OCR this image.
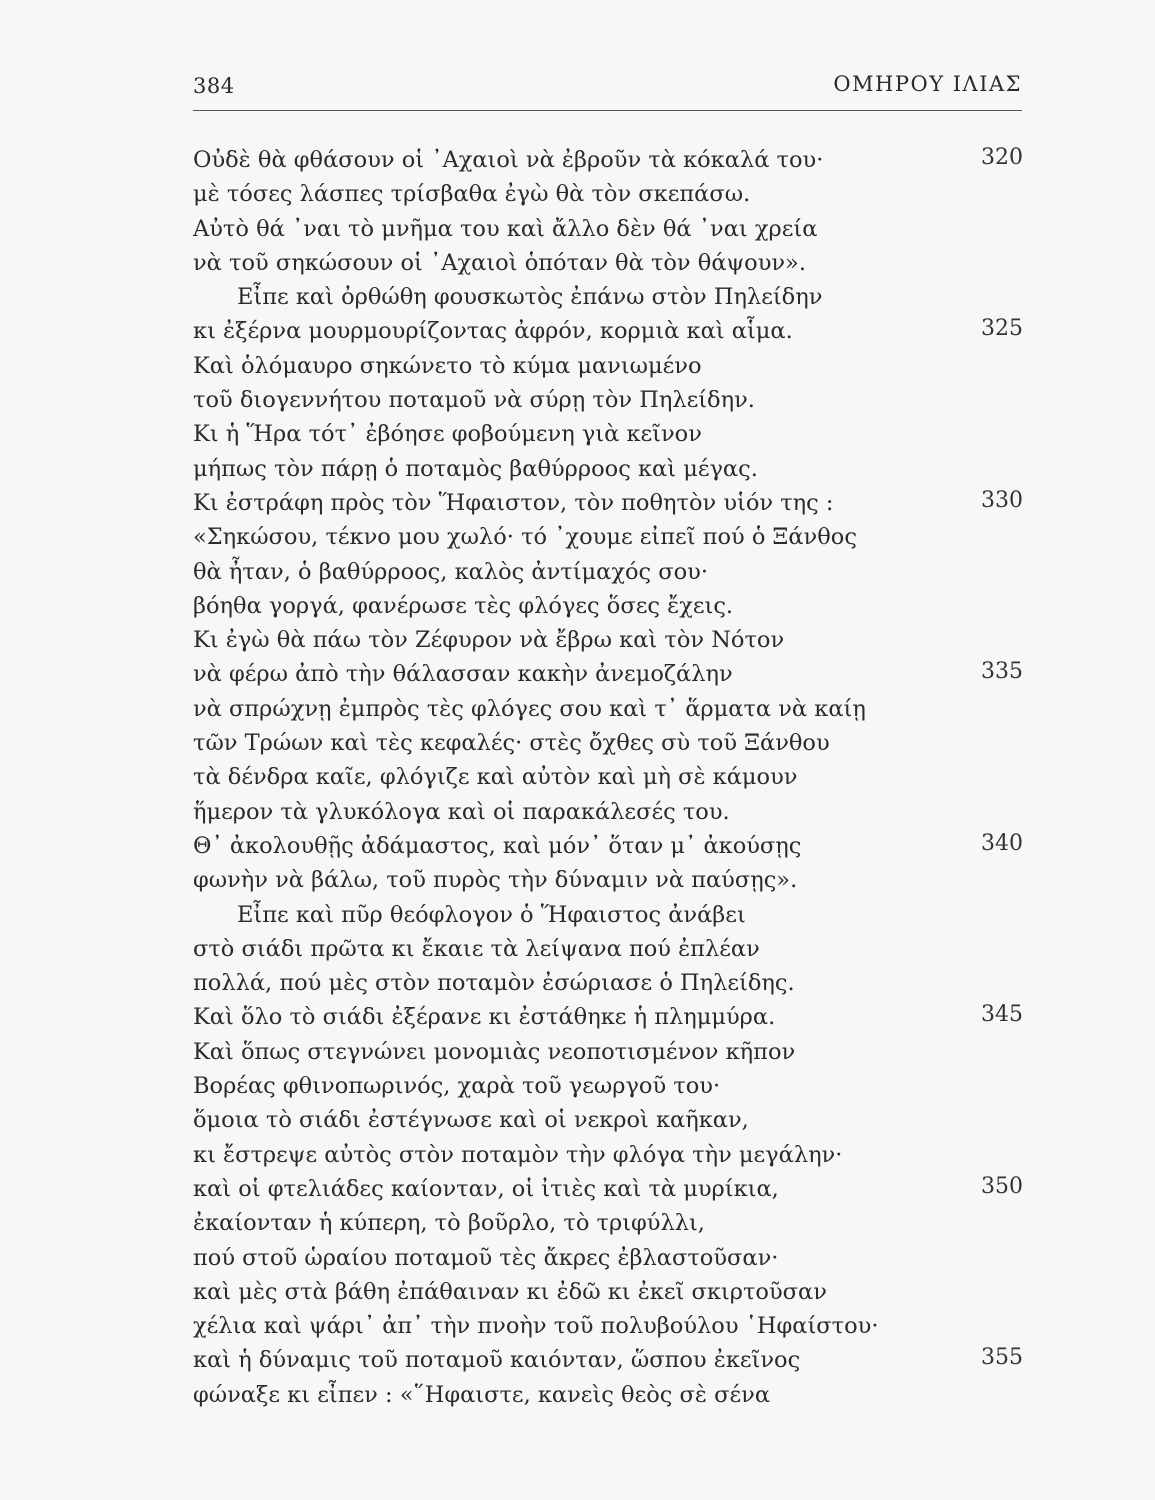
384	ΟΜΗΡΟΥ ΙΛΙΑΣ
Οὐδὲ θὰ φθάσουν οἱ ᾿Αχαιοὶ νὰ ἐβροῦν τὰ κόκαλά του·	320
μὲ τόσες λάσπες τρίσβαθα ἐγὼ θὰ τὸν σκεπάσω.
Αὐτὸ θά ᾿ναι τὸ μνῆμα του καὶ ἄλλο δὲν θά ᾿ναι χρεία
νὰ τοῦ σηκώσουν οἱ ᾿Αχαιοὶ ὁπόταν θὰ τὸν θάψουν».
Εἶπε καὶ ὀρθώθη φουσκωτὸς ἐπάνω στὸν Πηλείδην
κι ἐξέρνα μουρμουρίζοντας ἀφρόν, κορμιὰ καὶ αἷμα.	325
Καὶ ὁλόμαυρο σηκώνετο τὸ κύμα μανιωμένο
τοῦ διογεννήτου ποταμοῦ νὰ σύρῃ τὸν Πηλείδην.
Κι ἡ Ἥρα τότ᾿ ἐβόησε φοβούμενη γιὰ κεῖνον
μήπως τὸν πάρῃ ὁ ποταμὸς βαθύρροος καὶ μέγας.
Κι ἐστράφη πρὸς τὸν Ἥφαιστον, τὸν ποθητὸν υἱόν της :	330
«Σηκώσου, τέκνο μου χωλό· τό ᾿χουμε εἰπεῖ πού ὁ Ξάνθος
θὰ ἦταν, ὁ βαθύρροος, καλὸς ἀντίμαχός σου·
βόηθα γοργά, φανέρωσε τὲς φλόγες ὅσες ἔχεις.
Κι ἐγὼ θὰ πάω τὸν Ζέφυρον νὰ ἔβρω καὶ τὸν Νότον
νὰ φέρω ἀπὸ τὴν θάλασσαν κακὴν ἀνεμοζάλην	335
νὰ σπρώχνῃ ἐμπρὸς τὲς φλόγες σου καὶ τ᾿ ἅρματα νὰ καίῃ
τῶν Τρώων καὶ τὲς κεφαλές· στὲς ὄχθες σὺ τοῦ Ξάνθου
τὰ δένδρα καῖε, φλόγιζε καὶ αὐτὸν καὶ μὴ σὲ κάμουν
ἥμερον τὰ γλυκόλογα καὶ οἱ παρακάλεσές του.
Θ᾿ ἀκολουθῇς ἀδάμαστος, καὶ μόν᾿ ὅταν μ᾿ ἀκούσῃς	340
φωνὴν νὰ βάλω, τοῦ πυρὸς τὴν δύναμιν νὰ παύσῃς».
Εἶπε καὶ πῦρ θεόφλογον ὁ Ἥφαιστος ἀνάβει
στὸ σιάδι πρῶτα κι ἔκαιε τὰ λείψανα πού ἐπλέαν
πολλά, πού μὲς στὸν ποταμὸν ἐσώριασε ὁ Πηλείδης.
Καὶ ὅλο τὸ σιάδι ἐξέρανε κι ἐστάθηκε ἡ πλημμύρα.	345
Καὶ ὅπως στεγνώνει μονομιὰς νεοποτισμένον κῆπον
Βορέας φθινοπωρινός, χαρὰ τοῦ γεωργοῦ του·
ὅμοια τὸ σιάδι ἐστέγνωσε καὶ οἱ νεκροὶ καῆκαν,
κι ἔστρεψε αὐτὸς στὸν ποταμὸν τὴν φλόγα τὴν μεγάλην·
καὶ οἱ φτελιάδες καίονταν, οἱ ἰτιὲς καὶ τὰ μυρίκια,	350
ἐκαίονταν ἡ κύπερη, τὸ βοῦρλο, τὸ τριφύλλι,
πού στοῦ ὡραίου ποταμοῦ τὲς ἄκρες ἐβλαστοῦσαν·
καὶ μὲς στὰ βάθη ἐπάθαιναν κι ἐδῶ κι ἐκεῖ σκιρτοῦσαν
χέλια καὶ ψάρι᾿ ἀπ᾿ τὴν πνοὴν τοῦ πολυβούλου ῾Ηφαίστου·
καὶ ἡ δύναμις τοῦ ποταμοῦ καιόνταν, ὥσπου ἐκεῖνος	355
φώναξε κι εἶπεν : «῞Ηφαιστε, κανεὶς θεὸς σὲ σένα
